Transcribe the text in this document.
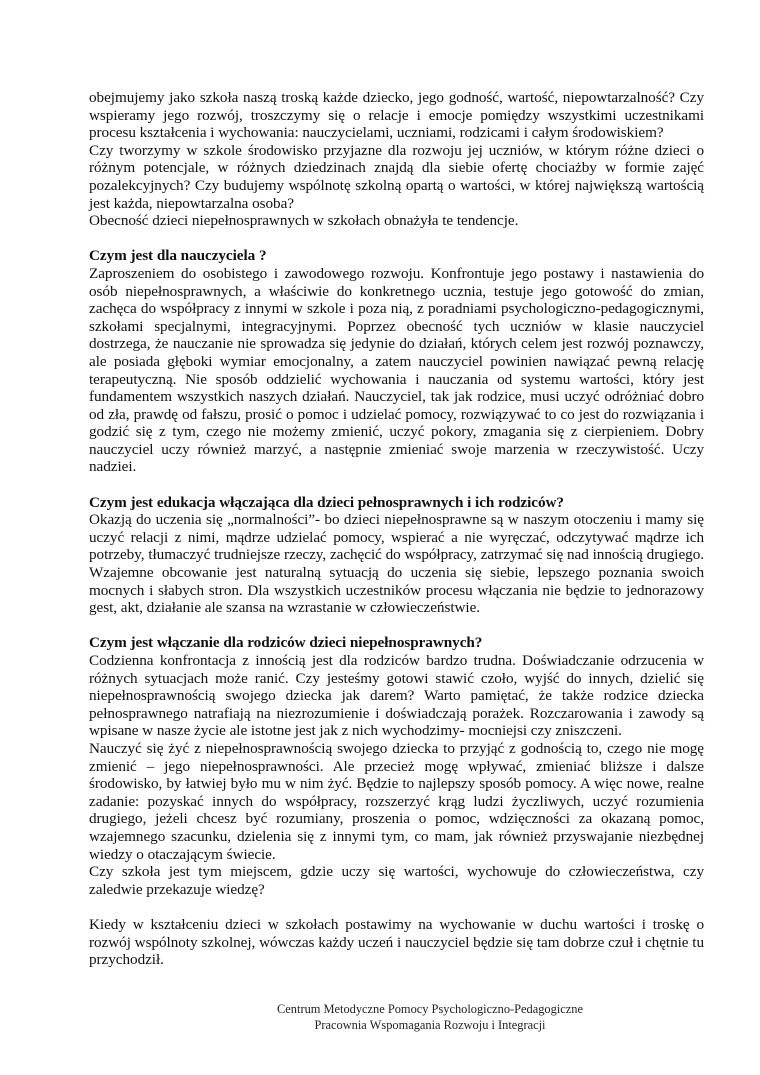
obejmujemy jako szkoła naszą troską każde dziecko, jego godność, wartość, niepowtarzalność? Czy wspieramy jego rozwój, troszczymy się o relacje i emocje pomiędzy wszystkimi uczestnikami procesu kształcenia i wychowania: nauczycielami, uczniami, rodzicami i całym środowiskiem?

Czy tworzymy w szkole środowisko przyjazne dla rozwoju jej uczniów, w którym różne dzieci o różnym potencjale, w różnych dziedzinach znajdą dla siebie ofertę chociażby w formie zajęć pozalekcyjnych? Czy budujemy wspólnotę szkolną opartą o wartości, w której największą wartością jest każda, niepowtarzalna osoba?

Obecność dzieci niepełnosprawnych w szkołach obnażyła te tendencje.

Czym jest dla nauczyciela ?

Zaproszeniem do osobistego i zawodowego rozwoju. Konfrontuje jego postawy i nastawienia do osób niepełnosprawnych, a właściwie do konkretnego ucznia, testuje jego gotowość do zmian, zachęca do współpracy z innymi w szkole i poza nią, z poradniami psychologiczno-pedagogicznymi, szkołami specjalnymi, integracyjnymi. Poprzez obecność tych uczniów w klasie nauczyciel dostrzega, że nauczanie nie sprowadza się jedynie do działań, których celem jest rozwój poznawczy, ale posiada głęboki wymiar emocjonalny, a zatem nauczyciel powinien nawiązać pewną relację terapeutyczną. Nie sposób oddzielić wychowania i nauczania od systemu wartości, który jest fundamentem wszystkich naszych działań. Nauczyciel, tak jak rodzice, musi uczyć odróżniać dobro od zła, prawdę od fałszu, prosić o pomoc i udzielać pomocy, rozwiązywać to co jest do rozwiązania i godzić się z tym, czego nie możemy zmienić, uczyć pokory, zmagania się z cierpieniem. Dobry nauczyciel uczy również marzyć, a następnie zmieniać swoje marzenia w rzeczywistość. Uczy nadziei.

Czym jest edukacja włączająca dla dzieci pełnosprawnych i ich rodziców?

Okazją do uczenia się „normalności”- bo dzieci niepełnosprawne są w naszym otoczeniu i mamy się uczyć relacji z nimi, mądrze udzielać pomocy, wspierać a nie wyręczać, odczytywać mądrze ich potrzeby, tłumaczyć trudniejsze rzeczy, zachęcić do współpracy, zatrzymać się nad innością drugiego. Wzajemne obcowanie jest naturalną sytuacją do uczenia się siebie, lepszego poznania swoich mocnych i słabych stron. Dla wszystkich uczestników procesu włączania nie będzie to jednorazowy gest, akt, działanie ale szansa na wzrastanie w człowieczeństwie.

Czym jest włączanie dla rodziców dzieci niepełnosprawnych?

Codzienna konfrontacja z innością jest dla rodziców bardzo trudna. Doświadczanie odrzucenia w różnych sytuacjach może ranić. Czy jesteśmy gotowi stawić czoło, wyjść do innych, dzielić się niepełnosprawnością swojego dziecka jak darem? Warto pamiętać, że także rodzice dziecka pełnosprawnego natrafiają na niezrozumienie i doświadczają porażek. Rozczarowania i zawody są wpisane w nasze życie ale istotne jest jak z nich wychodzimy- mocniejsi czy zniszczeni.

Nauczyć się żyć z niepełnosprawnością swojego dziecka to przyjąć z godnością to, czego nie mogę zmienić – jego niepełnosprawności. Ale przecież mogę wpływać, zmieniać bliższe i dalsze środowisko, by łatwiej było mu w nim żyć. Będzie to najlepszy sposób pomocy. A więc nowe, realne zadanie: pozyskać innych do współpracy, rozszerzyć krąg ludzi życzliwych, uczyć rozumienia drugiego, jeżeli chcesz być rozumiany, proszenia o pomoc, wdzięczności za okazaną pomoc, wzajemnego szacunku, dzielenia się z innymi tym, co mam, jak również przyswajanie niezbędnej wiedzy o otaczającym świecie.

Czy szkoła jest tym miejscem, gdzie uczy się wartości, wychowuje do człowieczeństwa, czy zaledwie przekazuje wiedzę?

Kiedy w kształceniu dzieci w szkołach postawimy na wychowanie w duchu wartości i troskę o rozwój wspólnoty szkolnej, wówczas każdy uczeń i nauczyciel będzie się tam dobrze czuł i chętnie tu przychodził.

Centrum Metodyczne Pomocy Psychologiczno-Pedagogiczne
Pracownia Wspomagania Rozwoju i Integracji
